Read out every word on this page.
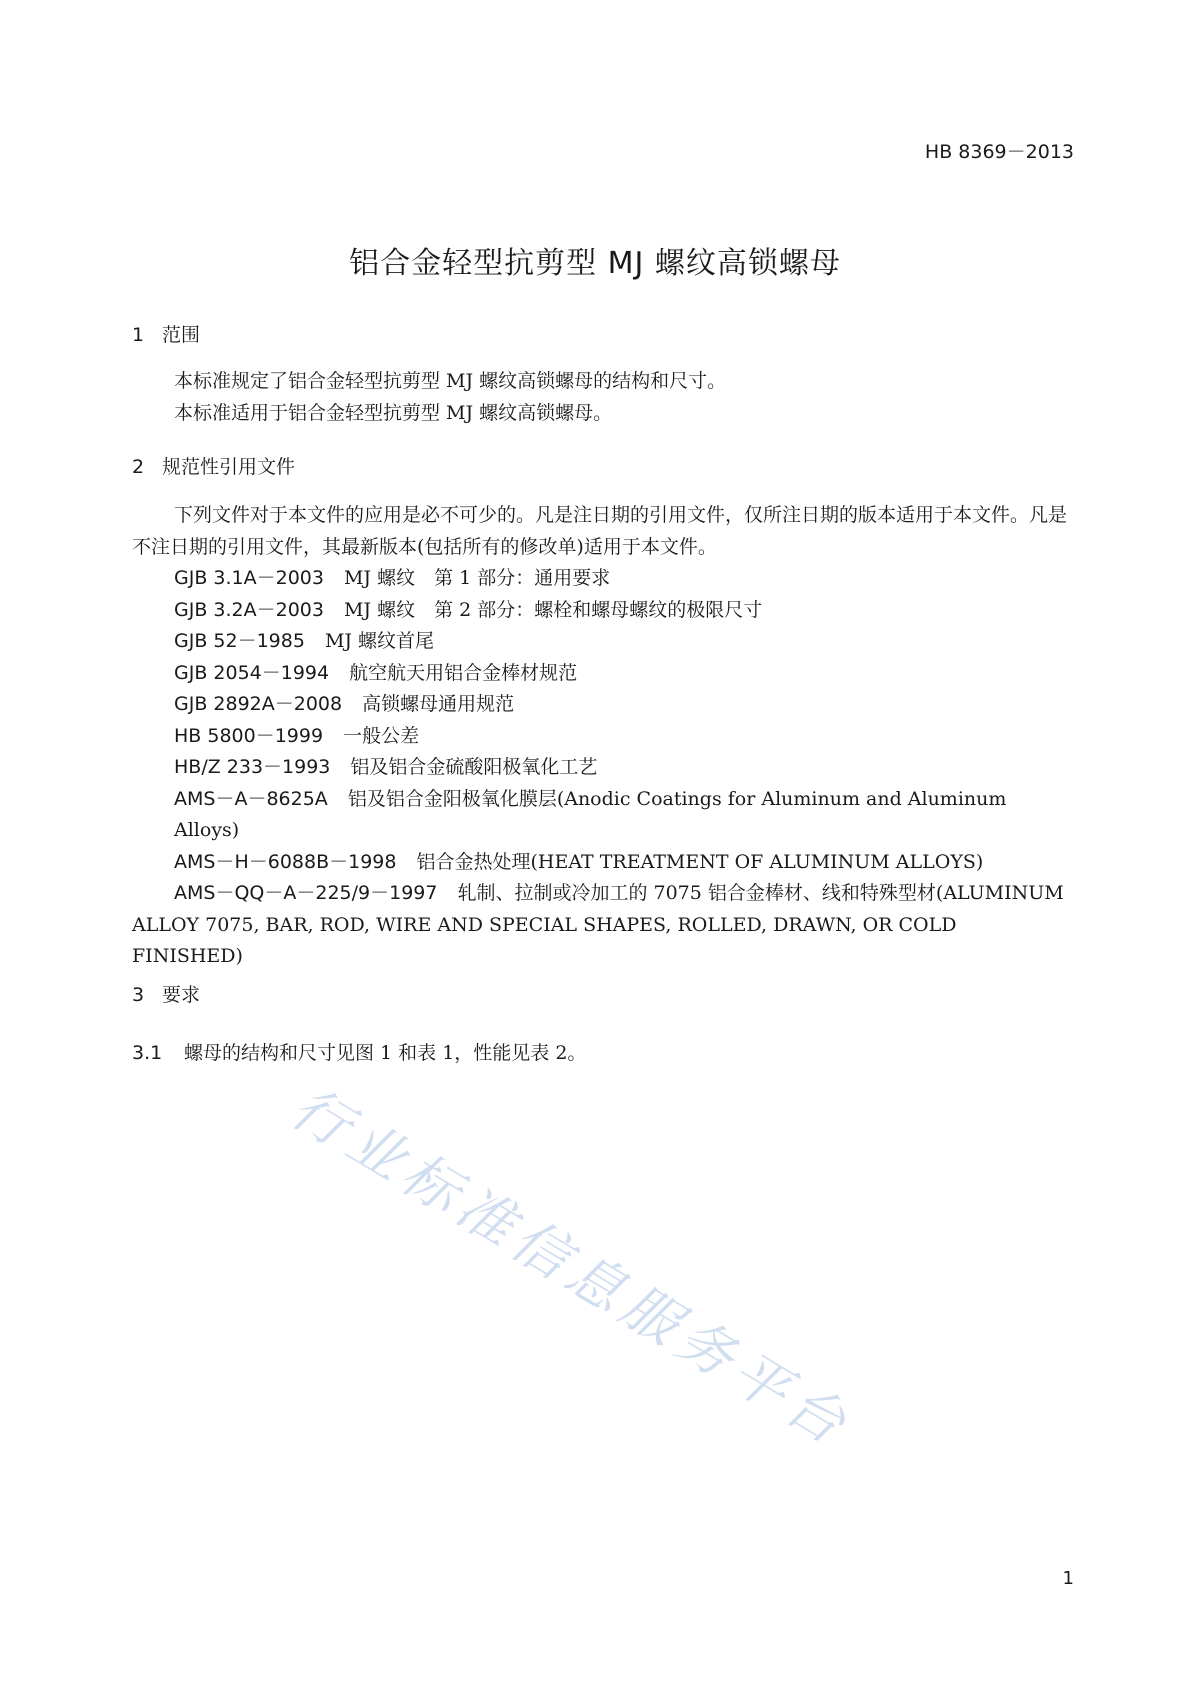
HB 8369－2013
铝合金轻型抗剪型 MJ 螺纹高锁螺母
1 范围

本标准规定了铝合金轻型抗剪型 MJ 螺纹高锁螺母的结构和尺寸。

本标准适用于铝合金轻型抗剪型 MJ 螺纹高锁螺母。

2 规范性引用文件

下列文件对于本文件的应用是必不可少的。凡是注日期的引用文件，仅所注日期的版本适用于本文件。凡是不注日期的引用文件，其最新版本(包括所有的修改单)适用于本文件。

GJB 3.1A－2003 MJ 螺纹　第 1 部分：通用要求

GJB 3.2A－2003 MJ 螺纹　第 2 部分：螺栓和螺母螺纹的极限尺寸

GJB 52－1985 MJ 螺纹首尾

GJB 2054－1994 航空航天用铝合金棒材规范

GJB 2892A－2008 高锁螺母通用规范

HB 5800－1999 一般公差

HB/Z 233－1993 铝及铝合金硫酸阳极氧化工艺

AMS－A－8625A 铝及铝合金阳极氧化膜层(Anodic Coatings for Aluminum and Aluminum Alloys)

AMS－H－6088B－1998 铝合金热处理(HEAT TREATMENT OF ALUMINUM ALLOYS)

AMS－QQ－A－225/9－1997 轧制、拉制或冷加工的 7075 铝合金棒材、线和特殊型材(ALUMINUM ALLOY 7075, BAR, ROD, WIRE AND SPECIAL SHAPES, ROLLED, DRAWN, OR COLD FINISHED)

3 要求
3.1 螺母的结构和尺寸见图 1 和表 1，性能见表 2。
行业标准信息服务平台
1
